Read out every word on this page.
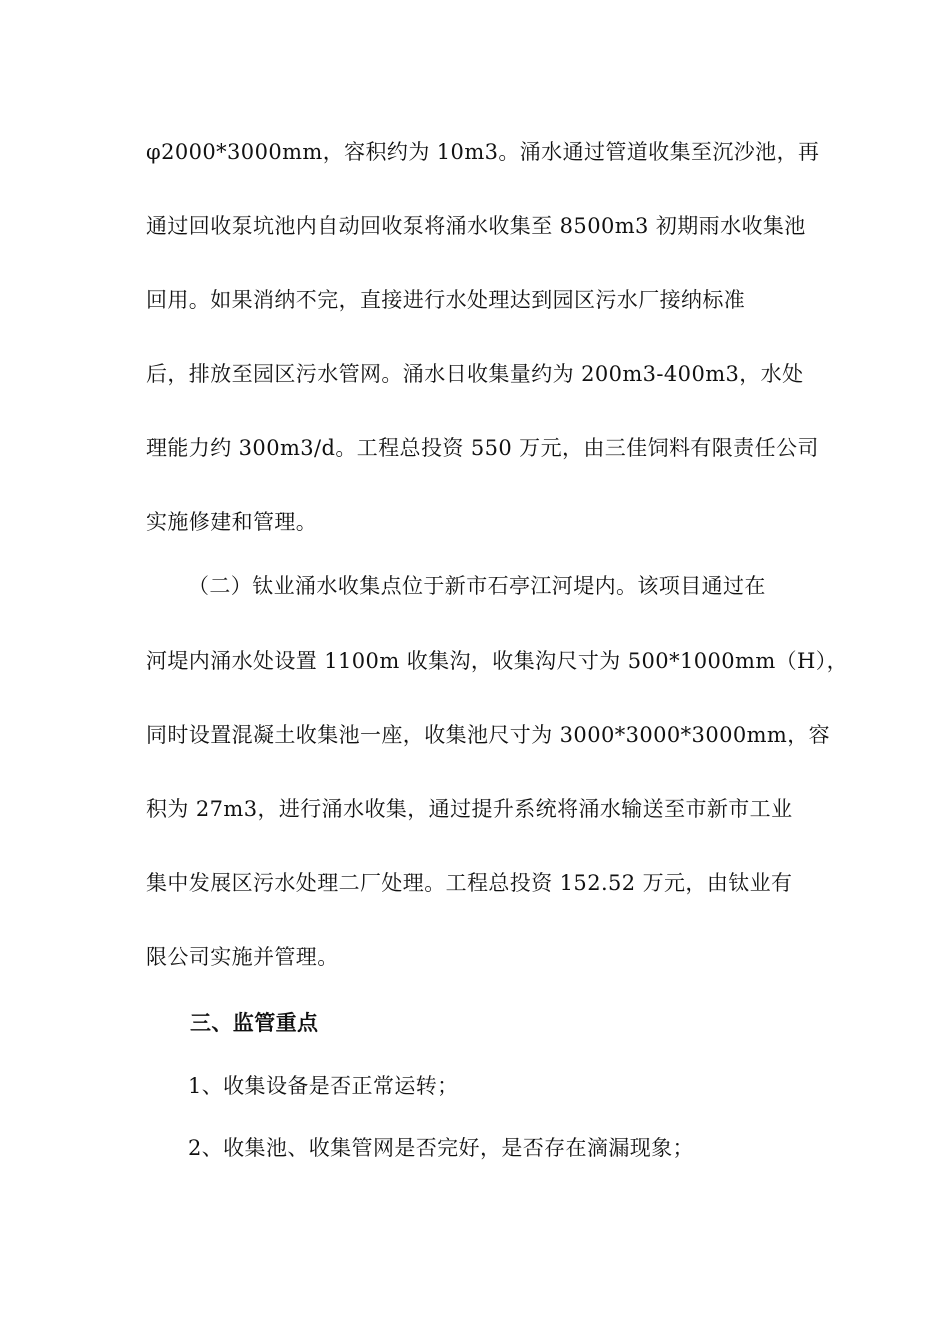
φ2000*3000mm，容积约为 10m3。涌水通过管道收集至沉沙池，再
通过回收泵坑池内自动回收泵将涌水收集至 8500m3 初期雨水收集池
回用。如果消纳不完，直接进行水处理达到园区污水厂接纳标准
后，排放至园区污水管网。涌水日收集量约为 200m3-400m3，水处
理能力约 300m3/d。工程总投资 550 万元，由三佳饲料有限责任公司
实施修建和管理。
（二）钛业涌水收集点位于新市石亭江河堤内。该项目通过在
河堤内涌水处设置 1100m 收集沟，收集沟尺寸为 500*1000mm（H），
同时设置混凝土收集池一座，收集池尺寸为 3000*3000*3000mm，容
积为 27m3，进行涌水收集，通过提升系统将涌水输送至市新市工业
集中发展区污水处理二厂处理。工程总投资 152.52 万元，由钛业有
限公司实施并管理。
三、监管重点
1、收集设备是否正常运转；
2、收集池、收集管网是否完好，是否存在滴漏现象；
